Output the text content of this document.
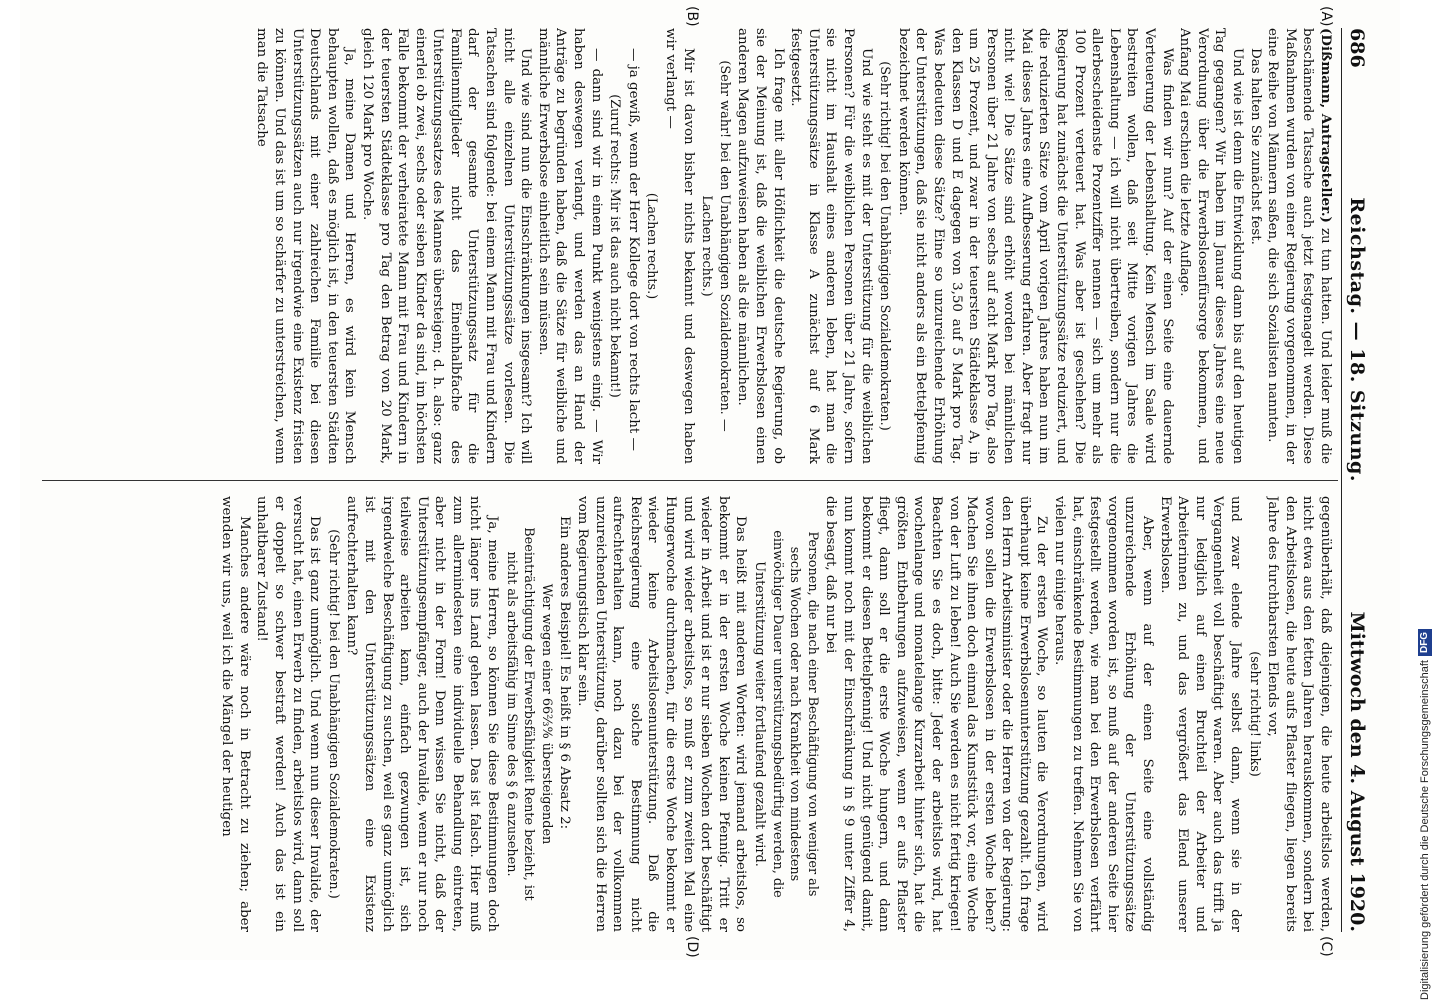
686
Reichstag. — 18. Sitzung.
Mittwoch den 4. August 1920.
(A)
(B)
(C)
(D)

(Dißmann, Antragsteller.) zu tun hatten. Und leider muß die beschämende Tatsache auch jetzt festgenagelt werden. Diese Maßnahmen wurden von einer Regierung vorgenommen, in der eine Reihe von Männern saßen, die sich Sozialisten nannten.

Das halten Sie zunächst fest.

Und wie ist denn die Entwicklung dann bis auf den heutigen Tag gegangen? Wir haben im Januar dieses Jahres eine neue Verordnung über die Erwerbslosenfürsorge bekommen, und Anfang Mai erschien die letzte Auflage.

Was finden wir nun? Auf der einen Seite eine dauernde Verteuerung der Lebenshaltung. Kein Mensch im Saale wird bestreiten wollen, daß seit Mitte vorigen Jahres die Lebenshaltung — ich will nicht übertreiben, sondern nur die allerbescheidenste Prozentziffer nennen — sich um mehr als 100 Prozent verteuert hat. Was aber ist geschehen? Die Regierung hat zunächst die Unterstützungssätze reduziert, und die reduzierten Sätze vom April vorigen Jahres haben nun im Mai dieses Jahres eine Aufbesserung erfahren. Aber fragt nur nicht wie! Die Sätze sind erhöht worden bei männlichen Personen über 21 Jahre von sechs auf acht Mark pro Tag, also um 25 Prozent, und zwar in der teuersten Städteklasse A, in den Klassen D und E dagegen von 3,50 auf 5 Mark pro Tag. Was bedeuten diese Sätze? Eine so unzureichende Erhöhung der Unterstützungen, daß sie nicht anders als ein Bettelpfennig bezeichnet werden können.

(Sehr richtig! bei den Unabhängigen Sozialdemokraten.)

Und wie steht es mit der Unterstützung für die weiblichen Personen? Für die weiblichen Personen über 21 Jahre, sofern sie nicht im Haushalt eines anderen leben, hat man die Unterstützungssätze in Klasse A zunächst auf 6 Mark festgesetzt.

Ich frage mit aller Höflichkeit die deutsche Regierung, ob sie der Meinung ist, daß die weiblichen Erwerbslosen einen anderen Magen aufzuweisen haben als die männlichen.

(Sehr wahr! bei den Unabhängigen Sozialdemokraten. — Lachen rechts.)

Mir ist davon bisher nichts bekannt und deswegen haben wir verlangt —

(Lachen rechts.)

— ja gewiß, wenn der Herr Kollege dort von rechts lacht —

(Zuruf rechts: Mir ist das auch nicht bekannt!)

— dann sind wir in einem Punkt wenigstens einig. — Wir haben deswegen verlangt, und werden das an Hand der Anträge zu begründen haben, daß die Sätze für weibliche und männliche Erwerbslose einheitlich sein müssen.

Und wie sind nun die Einschränkungen insgesamt? Ich will nicht alle einzelnen Unterstützungssätze vorlesen. Die Tatsachen sind folgende: bei einem Mann mit Frau und Kindern darf der gesamte Unterstützungssatz für die Familienmitglieder nicht das Eineinhalbfache des Unterstützungssatzes des Mannes übersteigen; d. h. also: ganz einerlei ob zwei, sechs oder sieben Kinder da sind, im höchsten Falle bekommt der verheiratete Mann mit Frau und Kindern in der teuersten Städteklasse pro Tag den Betrag von 20 Mark, gleich 120 Mark pro Woche.

Ja, meine Damen und Herren, es wird kein Mensch behaupten wollen, daß es möglich ist, in den teuersten Städten Deutschlands mit einer zahlreichen Familie bei diesen Unterstützungssätzen auch nur irgendwie eine Existenz fristen zu können. Und das ist um so schärfer zu unterstreichen, wenn man die Tatsache

gegenüberhält, daß diejenigen, die heute arbeitslos werden, nicht etwa aus den fetten Jahren herauskommen, sondern bei den Arbeitslosen, die heute aufs Pflaster fliegen, liegen bereits Jahre des furchtbarsten Elends vor,

(sehr richtig! links)

und zwar elende Jahre selbst dann, wenn sie in der Vergangenheit voll beschäftigt waren. Aber auch das trifft ja nur lediglich auf einen Bruchteil der Arbeiter und Arbeiterinnen zu, und das vergrößert das Elend unserer Erwerbslosen.

Aber, wenn auf der einen Seite eine vollständig unzureichende Erhöhung der Unterstützungssätze vorgenommen worden ist, so muß auf der anderen Seite hier festgestellt werden, wie man bei den Erwerbslosen verfährt hat, einschränkende Bestimmungen zu treffen. Nehmen Sie von vielen nur einige heraus.

Zu der ersten Woche, so lauten die Verordnungen, wird überhaupt keine Erwerbslosenunterstützung gezahlt. Ich frage den Herrn Arbeitsminister oder die Herren von der Regierung: wovon sollen die Erwerbslosen in der ersten Woche leben? Machen Sie ihnen doch einmal das Kunststück vor, eine Woche von der Luft zu leben! Auch Sie werden es nicht fertig kriegen! Beachten Sie es doch, bitte: Jeder der arbeitslos wird, hat wochenlange und monatelange Kurzarbeit hinter sich, hat die größten Entbehrungen aufzuweisen, wenn er aufs Pflaster fliegt, dann soll er die erste Woche hungern, und dann bekommt er diesen Bettelpfennig! Und nicht genügend damit, nun kommt noch mit der Einschränkung in § 9 unter Ziffer 4, die besagt, daß nur bei

Personen, die nach einer Beschäftigung von weniger als sechs Wochen oder nach Krankheit von mindestens einwöchiger Dauer unterstützungsbedürftig werden, die Unterstützung weiter fortlaufend gezahlt wird.

Das heißt mit anderen Worten: wird jemand arbeitslos, so bekommt er in der ersten Woche keinen Pfennig. Tritt er wieder in Arbeit und ist er nur sieben Wochen dort beschäftigt und wird wieder arbeitslos, so muß er zum zweiten Mal eine Hungerwoche durchmachen, für die erste Woche bekommt er wieder keine Arbeitslosenunterstützung. Daß die Reichsregierung eine solche Bestimmung nicht aufrechterhalten kann, noch dazu bei der vollkommen unzureichenden Unterstützung, darüber sollten sich die Herren vom Regierungstisch klar sein.

Ein anderes Beispiel! Es heißt in § 6 Absatz 2:

Wer wegen einer 66⅔% übersteigenden Beeinträchtigung der Erwerbsfähigkeit Rente bezieht, ist nicht als arbeitsfähig im Sinne des § 6 anzusehen.

Ja, meine Herren, so können Sie diese Bestimmungen doch nicht länger ins Land gehen lassen. Das ist falsch. Hier muß zum allermindesten eine individuelle Behandlung eintreten, aber nicht in der Form! Denn wissen Sie nicht, daß der Unterstützungsempfänger, auch der Invalide, wenn er nur noch teilweise arbeiten kann, einfach gezwungen ist, sich irgendwelche Beschäftigung zu suchen, weil es ganz unmöglich ist mit den Unterstützungssätzen eine Existenz aufrechterhalten kann?

(Sehr richtig! bei den Unabhängigen Sozialdemokraten.)

Das ist ganz unmöglich. Und wenn nun dieser Invalide, der versucht hat, einen Erwerb zu finden, arbeitslos wird, dann soll er doppelt so schwer bestraft werden! Auch das ist ein unhaltbarer Zustand!

Manches andere wäre noch in Betracht zu ziehen; aber wenden wir uns, weil ich die Mängel der heutigen	Digitalisierung gefördert durch die Deutsche Forschungsgemeinschaft
DFG
